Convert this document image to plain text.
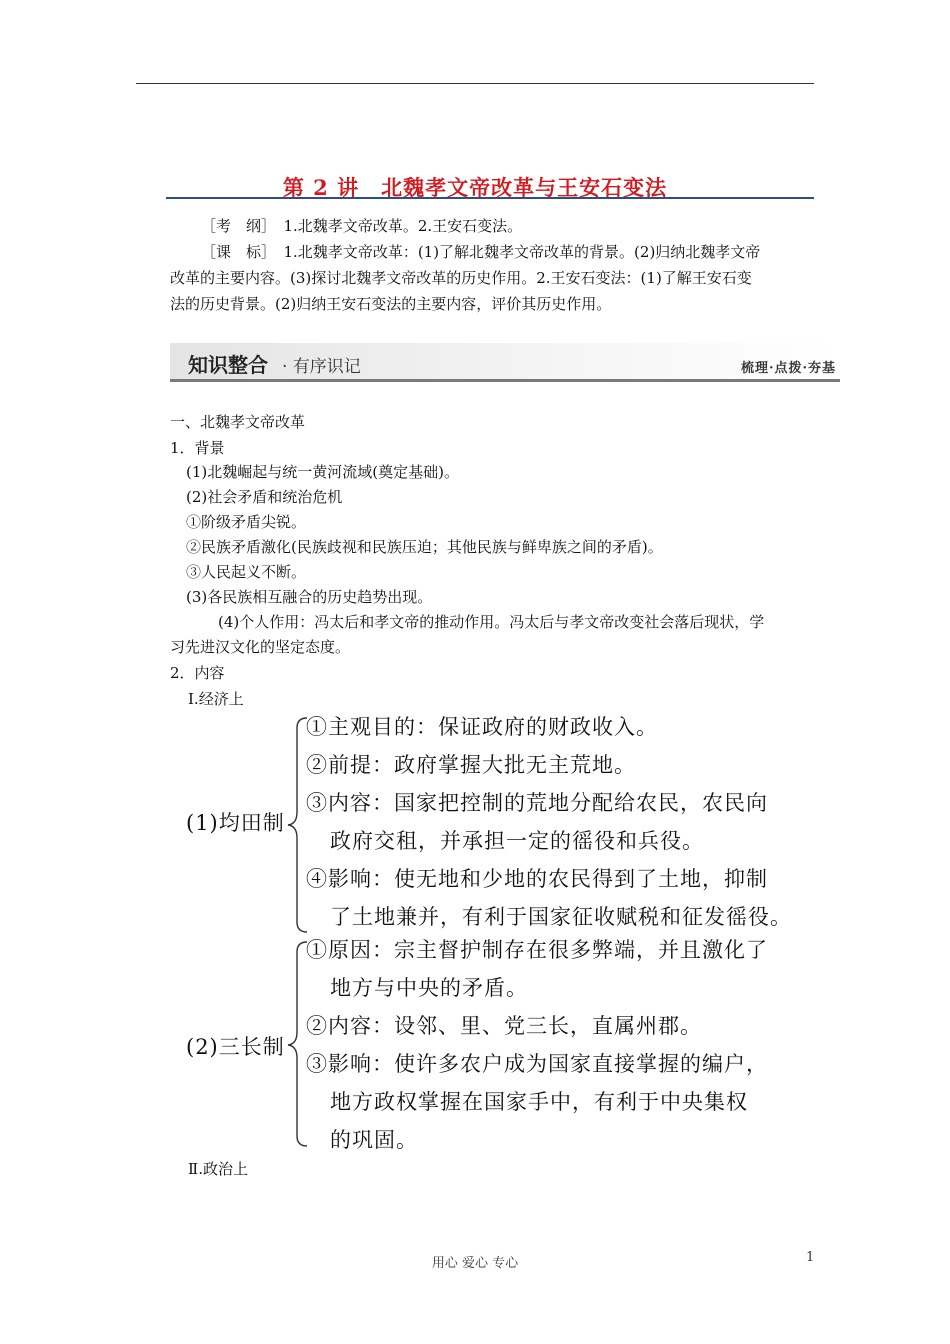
第 2 讲　北魏孝文帝改革与王安石变法
［考　纲］　1.北魏孝文帝改革。2.王安石变法。
［课　标］　1.北魏孝文帝改革：(1)了解北魏孝文帝改革的背景。(2)归纳北魏孝文帝
改革的主要内容。(3)探讨北魏孝文帝改革的历史作用。2.王安石变法：(1)了解王安石变
法的历史背景。(2)归纳王安石变法的主要内容，评价其历史作用。
知识整合 · 有序识记	梳理·点拨·夯基
一、北魏孝文帝改革
1．背景
(1)北魏崛起与统一黄河流域(奠定基础)。
(2)社会矛盾和统治危机
①阶级矛盾尖锐。
②民族矛盾激化(民族歧视和民族压迫；其他民族与鲜卑族之间的矛盾)。
③人民起义不断。
(3)各民族相互融合的历史趋势出现。
(4)个人作用：冯太后和孝文帝的推动作用。冯太后与孝文帝改变社会落后现状，学
习先进汉文化的坚定态度。
2．内容
Ⅰ.经济上
(1)均田制
①主观目的：保证政府的财政收入。
②前提：政府掌握大批无主荒地。
③内容：国家把控制的荒地分配给农民，农民向
政府交租，并承担一定的徭役和兵役。
④影响：使无地和少地的农民得到了土地，抑制
了土地兼并，有利于国家征收赋税和征发徭役。
(2)三长制
①原因：宗主督护制存在很多弊端，并且激化了
地方与中央的矛盾。
②内容：设邻、里、党三长，直属州郡。
③影响：使许多农户成为国家直接掌握的编户，
地方政权掌握在国家手中，有利于中央集权
的巩固。
Ⅱ.政治上
用心 爱心 专心	1
